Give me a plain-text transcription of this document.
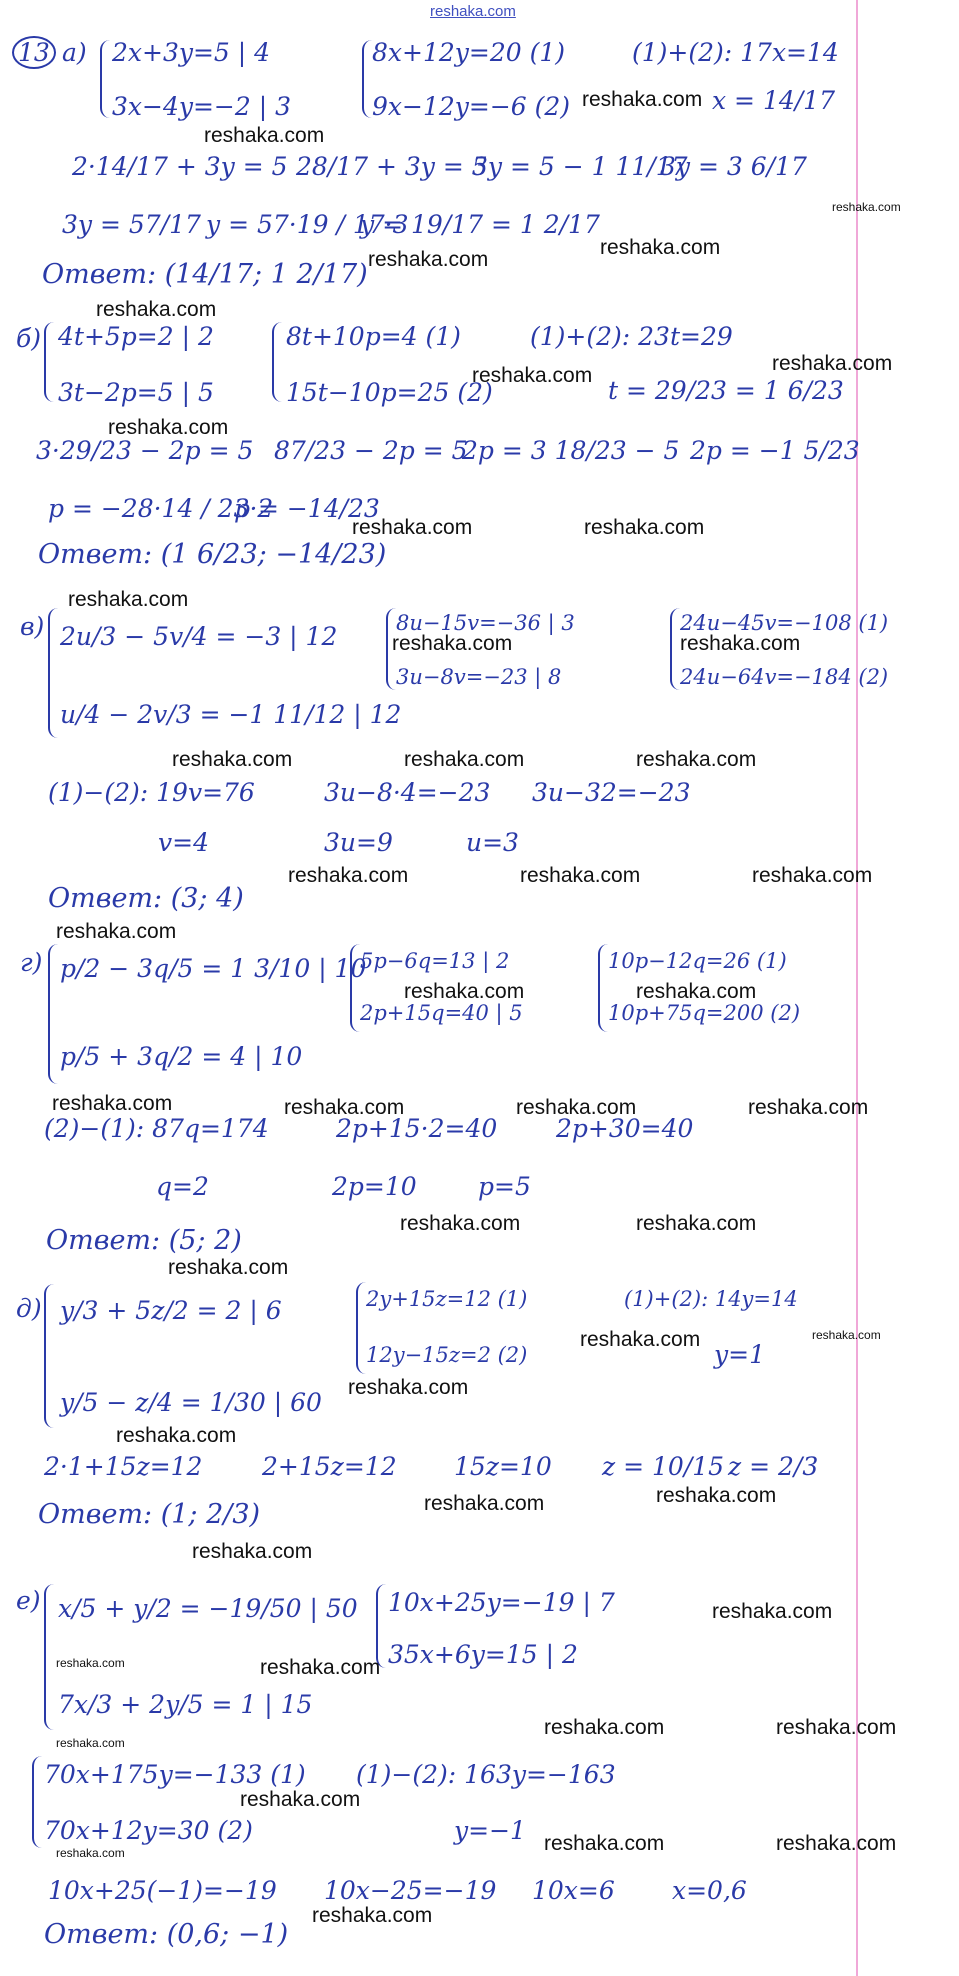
reshaka.com
13 а) 2x+3y=5 | 4
3x−4y=−2 | 3
8x+12y=20 (1)
9x−12y=−6 (2)
(1)+(2): 17x=14
x = 14/17
2·14/17 + 3y = 5 28/17 + 3y = 5
3y = 5 − 1 11/17
3y = 3 6/17
3y = 57/17 y = 57·19 / 17·3
y = 19/17 = 1 2/17
Ответ: (14/17; 1 2/17)
б) 4t+5p=2 | 2
3t−2p=5 | 5
8t+10p=4 (1)
15t−10p=25 (2)
(1)+(2): 23t=29
t = 29/23 = 1 6/23
3·29/23 − 2p = 5 87/23 − 2p = 5
2p = 3 18/23 − 5 2p = −1 5/23
p = −28·14 / 23·2
p = −14/23
Ответ: (1 6/23; −14/23)
в) 2u/3 − 5v/4 = −3 | 12
u/4 − 2v/3 = −1 11/12 | 12
8u−15v=−36 | 3
3u−8v=−23 | 8
24u−45v=−108 (1)
24u−64v=−184 (2)
(1)−(2): 19v=76	3u−8·4=−23 3u−32=−23
v=4	3u=9	u=3
Ответ: (3; 4)
г) p/2 − 3q/5 = 1 3/10 | 10
p/5 + 3q/2 = 4 | 10
5p−6q=13 | 2
2p+15q=40 | 5
10p−12q=26 (1)
10p+75q=200 (2)
(2)−(1): 87q=174	2p+15·2=40 2p+30=40
q=2	2p=10 p=5
Ответ: (5; 2)
д) y/3 + 5z/2 = 2 | 6
y/5 − z/4 = 1/30 | 60
2y+15z=12 (1)
12y−15z=2 (2)
(1)+(2): 14y=14
y=1
2·1+15z=12 2+15z=12 15z=10 z = 10/15 z = 2/3
Ответ: (1; 2/3)
е) x/5 + y/2 = −19/50 | 50
7x/3 + 2y/5 = 1 | 15
10x+25y=−19 | 7
35x+6y=15 | 2
70x+175y=−133 (1)
70x+12y=30 (2)
(1)−(2): 163y=−163
y=−1
10x+25(−1)=−19 10x−25=−19 10x=6 x=0,6
Ответ: (0,6; −1)
reshaka.com
reshaka.com
reshaka.com
reshaka.com
reshaka.com
reshaka.com
reshaka.com
reshaka.com
reshaka.com
reshaka.com	reshaka.com
reshaka.com
reshaka.com	reshaka.com
reshaka.com	reshaka.com	reshaka.com
reshaka.com	reshaka.com	reshaka.com
reshaka.com
reshaka.com	reshaka.com
reshaka.com	reshaka.com	reshaka.com	reshaka.com
reshaka.com	reshaka.com
reshaka.com
reshaka.com	reshaka.com
reshaka.com
reshaka.com
reshaka.com	reshaka.com
reshaka.com
reshaka.com
reshaka.com	reshaka.com
reshaka.com
reshaka.com	reshaka.com
reshaka.com
reshaka.com	reshaka.com	reshaka.com
reshaka.com
